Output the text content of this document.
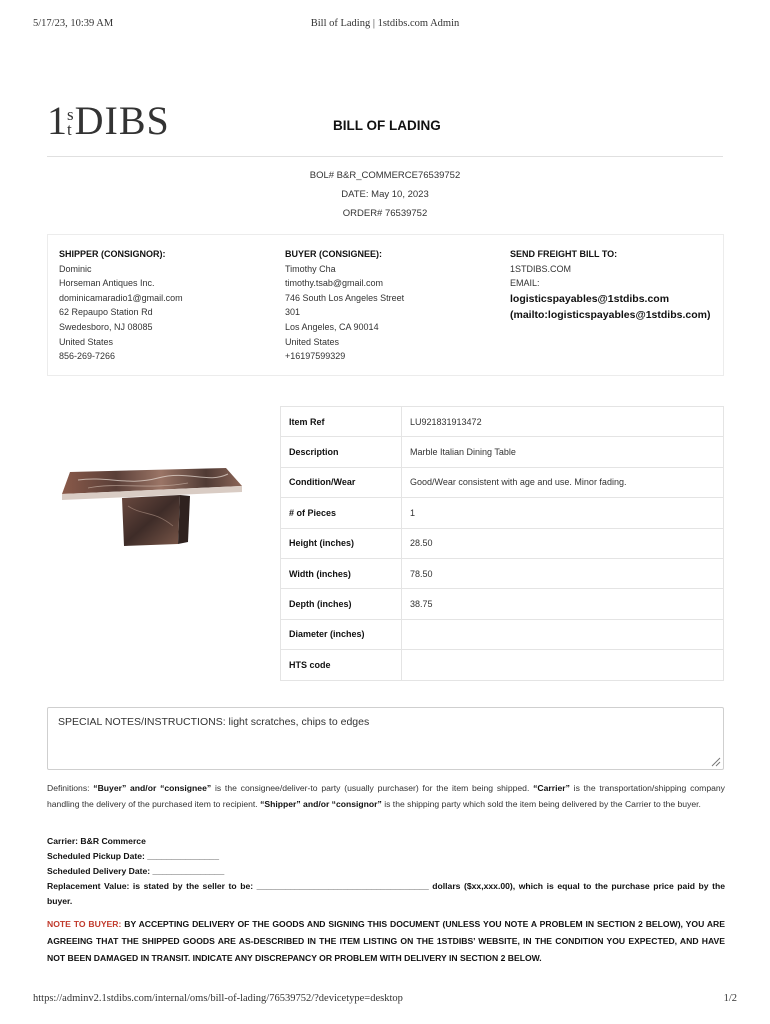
5/17/23, 10:39 AM	Bill of Lading | 1stdibs.com Admin
1 s
t DIBS	BILL OF LADING
BOL# B&R_COMMERCE76539752
DATE: May 10, 2023
ORDER# 76539752
SHIPPER (CONSIGNOR):
Dominic
Horseman Antiques Inc.
dominicamaradio1@gmail.com
62 Repaupo Station Rd
Swedesboro, NJ 08085
United States
856-269-7266
BUYER (CONSIGNEE):
Timothy Cha
timothy.tsab@gmail.com
746 South Los Angeles Street
301
Los Angeles, CA 90014
United States
+16197599329
SEND FREIGHT BILL TO:
1STDIBS.COM
EMAIL:
logisticspayables@1stdibs.com
(mailto:logisticspayables@1stdibs.com)
Item Ref	LU921831913472
Description	Marble Italian Dining Table
Condition/Wear	Good/Wear consistent with age and use. Minor fading.
# of Pieces	1
Height (inches)	28.50
Width (inches)	78.50
Depth (inches)	38.75
Diameter (inches)	
HTS code	
SPECIAL NOTES/INSTRUCTIONS: light scratches, chips to edges
Definitions: “Buyer” and/or “consignee” is the consignee/deliver-to party (usually purchaser) for the item being shipped. “Carrier” is the transportation/shipping company handling the delivery of the purchased item to recipient. “Shipper” and/or “consignor” is the shipping party which sold the item being delivered by the Carrier to the buyer.
Carrier: B&R Commerce
Scheduled Pickup Date: _______________
Scheduled Delivery Date: _______________
Replacement Value: is stated by the seller to be: ____________________________________ dollars ($xx,xxx.00), which is equal to the purchase price paid by the buyer.
NOTE TO BUYER: BY ACCEPTING DELIVERY OF THE GOODS AND SIGNING THIS DOCUMENT (UNLESS YOU NOTE A PROBLEM IN SECTION 2 BELOW), YOU ARE AGREEING THAT THE SHIPPED GOODS ARE AS-DESCRIBED IN THE ITEM LISTING ON THE 1STDIBS’ WEBSITE, IN THE CONDITION YOU EXPECTED, AND HAVE NOT BEEN DAMAGED IN TRANSIT. INDICATE ANY DISCREPANCY OR PROBLEM WITH DELIVERY IN SECTION 2 BELOW.
https://adminv2.1stdibs.com/internal/oms/bill-of-lading/76539752/?devicetype=desktop	1/2
